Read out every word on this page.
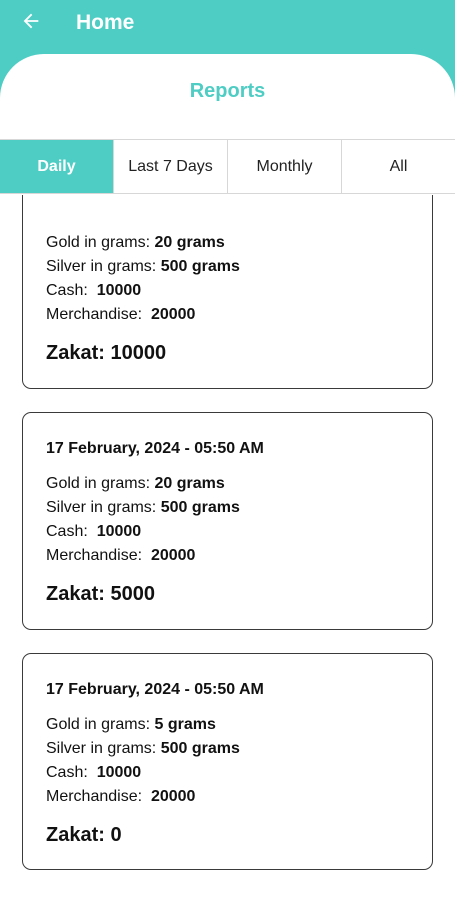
Home
Reports
Daily	Last 7 Days	Monthly	All
Gold in grams: 20 grams
Silver in grams: 500 grams
Cash: 10000
Merchandise: 20000
Zakat: 10000
17 February, 2024 - 05:50 AM
Gold in grams: 20 grams
Silver in grams: 500 grams
Cash: 10000
Merchandise: 20000
Zakat: 5000
17 February, 2024 - 05:50 AM
Gold in grams: 5 grams
Silver in grams: 500 grams
Cash: 10000
Merchandise: 20000
Zakat: 0
